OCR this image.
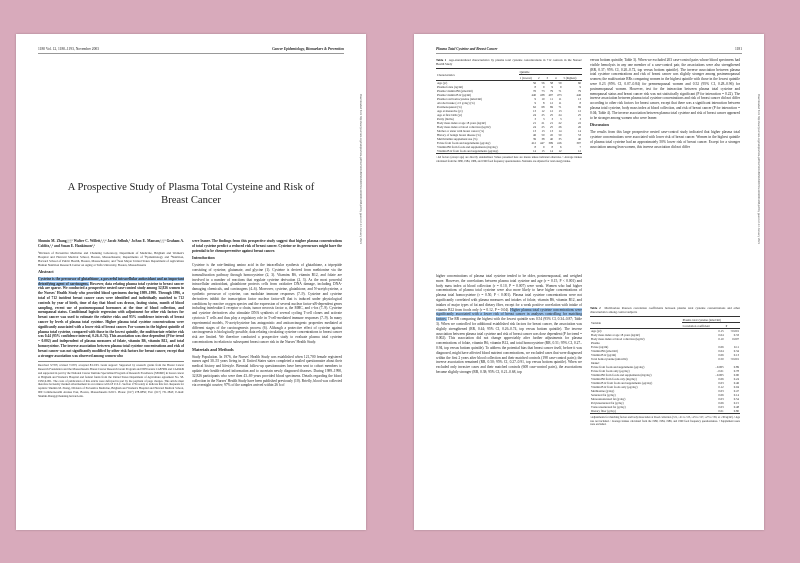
1180 Vol. 12, 1180–1193, November 2003	Cancer Epidemiology, Biomarkers & Prevention
Downloaded from http://aacrjournals.org/cebp/article-pdf/12/11/1188/3183067/ce1103001188.pdf by guest on 14 January 2021
A Prospective Study of Plasma Total Cysteine and Risk of Breast Cancer
Shumin M. Zhang,¹,²,³ Walter C. Willett,¹,²,⁴ Jacob Selhub,⁵ JoAnn E. Manson,¹,²,³ Graham A. Colditz,¹,² and Susan E. Hankinson¹,²
¹Division of Preventive Medicine and Channing Laboratory, Department of Medicine, Brigham and Women's Hospital and Harvard Medical School, Boston, Massachusetts; Departments of ²Epidemiology and ⁴Nutrition, Harvard School of Public Health, Boston, Massachusetts; and ⁵Jean Mayer United States Department of Agriculture Human Nutrition Research Center on Aging at Tufts University, Boston, Massachusetts
Abstract
Cysteine is the precursor of glutathione, a powerful intracellular antioxidant and an important detoxifying agent of carcinogens. However, data relating plasma total cysteine to breast cancer risk are sparse. We conducted a prospective nested case-control study among 32,826 women in the Nurses' Health Study who provided blood specimens during 1989–1990. Through 1996, a total of 712 incident breast cancer cases were identified and individually matched to 712 controls by year of birth, time of day that blood was drawn, fasting status, month of blood sampling, recent use of postmenopausal hormones at the time of blood collection, and menopausal status. Conditional logistic regression with adjustment for other risk factors for breast cancer was used to estimate the relative risks and 95% confidence intervals of breast cancer by levels of plasma total cysteine. Higher plasma total cysteine concentrations were significantly associated with a lower risk of breast cancer. For women in the highest quintile of plasma total cysteine, compared with those in the lowest quintile, the multivariate relative risk was 0.44 (95% confidence interval, 0.26–0.74). This association was dose dependent (P for trend = 0.002) and independent of plasma measures of folate, vitamin B6, vitamin B12, and total homocysteine. The inverse association between plasma total cysteine concentrations and risk of breast cancer was not significantly modified by other risk factors for breast cancer, except that a stronger association was observed among women who
Received 3/7/03; revised 7/2/03; accepted 8/12/03. Grant support: Supported by research grants from the Breast Cancer Research Foundation and the Massachusetts Breast Cancer Research Grant Program and NIH Grants CA87969 and CA49449 and supported in part by the National Cancer Institute Specialized Program of Research Excellence (SPORE) in breast cancer at Brigham and Women's Hospital and federal funds from the United States Department of Agriculture agreement No. 58-1950-9-001. The costs of publication of this article were defrayed in part by the payment of page charges. This article must therefore be hereby marked advertisement in accordance with 18 U.S.C. Section 1734 solely to indicate this fact. Requests for reprints: Shumin M. Zhang, Division of Preventive Medicine, Brigham and Women's Hospital and Harvard Medical School, 900 Commonwealth Avenue East, Boston, Massachusetts 02215. Phone: (617) 278-0856; Fax: (617) 731-3843; E-mail: Shumin.Zhang@channing.harvard.edu.
were leaner. The findings from this prospective study suggest that higher plasma concentrations of total cysteine predict a reduced risk of breast cancer. Cysteine or its precursors might have the potential to be chemopreventive against breast cancer.
Introduction
Cysteine is the rate-limiting amino acid in the intracellular synthesis of glutathione, a tripeptide consisting of cysteine, glutamate, and glycine (1). Cysteine is derived from methionine via the transsulfuration pathway through homocysteine (2, 3). Vitamins B6, vitamin B12, and folate are involved in a number of reactions that regulate cysteine derivation (2, 3). As the most powerful intracellular antioxidant, glutathione protects cells from oxidative DNA damage, including DNA-damaging chemicals, and carcinogens (4–6). Moreover, cysteine, glutathione, and N-acetylcysteine, a synthetic precursor of cysteine, can modulate immune responses (7–9). Cysteine and cysteine derivatives inhibit the transcription factor nuclear factor-κB that is induced under physiological conditions by reactive oxygen species and the expression of several nuclear factor-κB-dependent genes including interleukin-2 receptor α chain, tumor necrosis factor α, the MHC, and c-fos (7–9). Cysteine and cysteine derivatives also stimulate DNA synthesis of several cycling T-cell clones and activate cytotoxic T cells and thus play a regulatory role in T-cell-mediated immune responses (7–9). In many experimental models, N-acetylcysteine has antagonistic and anticarcinogenic properties mediated at different stages of the carcinogenesis process (6). Although a protective effect of cysteine against carcinogenesis is biologically possible, data relating circulating cysteine concentrations to breast cancer risk are limited. We therefore conducted a prospective study to evaluate plasma total cysteine concentrations in relation to subsequent breast cancer risk in the Nurses' Health Study.
Materials and Methods
Study Population. In 1976, the Nurses' Health Study was established when 121,700 female registered nurses aged 30–55 years living in 11 United States states completed a mailed questionnaire about their medical history and lifestyle. Biennial follow-up questionnaires have been sent to cohort members to update their health-related information and to ascertain newly diagnosed diseases. During 1989–1990, 32,826 participants who were then 43–69 years provided blood specimens. Details regarding the blood collection in the Nurses' Health Study have been published previously (10). Briefly, blood was collected via overnight courier; 97% of the samples arrived within 26 h of
Plasma Total Cysteine and Breast Cancer	1181
Downloaded from http://aacrjournals.org/cebp/article-pdf/12/11/1188/3183067/ce1103001188.pdf by guest on 14 January 2021
Table 1 Age-standardized characteristics by plasma total cysteine concentrations in 712 controls in the Nurses' Health Study
Characteristics	Quintile				
	1 (lowest)	2	3	4	5 (highest)
Age (yr)	56	56	58	59	60
Plasma folate (ng/ml)	8	9	9	9	9
Plasma vitamin B6 (pmol/ml)	76	73	79	71	79
Plasma vitamin B12 (pg/ml)	440	438	497	473	446
Plasma total homocysteine (nmol/ml)	9	10	11	11	13
Alcohol intake (≥15 g/day) (%)	9	8	12	11	8
Postmenopausal (%)	62	68	69	71	69
Age at menarche (yr)	13	12	12	13	12
Age at first birth (yr)	24	25	25	24	25
Parity (births)	3	3	3	3	3
Body mass index at age 18 years (kg/m²)	21	21	21	22	22
Body mass index at blood collection (kg/m²)	24	25	25	26	26
Mother or sister with breast cancer (%)	13	13	13	14	14
History of benign breast disease (%)	46	50	45	50	53
Multivitamin supplement use (%)	39	38	40	35	40
Folate from foods and supplements (μg/day)	412	447	399	416	397
Vitamin B6 from foods and supplements (mg/day)	8	9	8	6	7
Vitamin B12 from foods and supplements (μg/day)	14	15	14	12	12
ᵃ All factors (except age) are directly standardized. Values presented here are means unless indicated otherwise. ᵇ Average intakes calculated from the 1980, 1984, 1986, and 1990 food frequency questionnaires. Nutrients are adjusted for total energy intake.
higher concentrations of plasma total cysteine tended to be older, postmenopausal, and weighed more. However, the correlations between plasma total cysteine and age (r = 0.15, P < 0.001) and body mass index at blood collection (r = 0.10, P = 0.007) were weak. Women who had higher concentrations of plasma total cysteine were also more likely to have higher concentrations of plasma total homocysteine (r = 0.50, P < 0.001). Plasma total cysteine concentrations were not significantly correlated with plasma measures and intakes of folate, vitamin B6, vitamin B12, and intakes of major types of fat and dietary fiber, except for a weak positive correlation with intake of vitamin B12 from foods only (r = 0.12, P = 0.04). Higher plasma total cysteine concentrations were significantly associated with a lower risk of breast cancer in analyses controlling for matching factors. The RR comparing the highest with the lowest quintile was 0.54 (95% CI, 0.34–0.87; Table 3). When we controlled for additional established risk factors for breast cancer, the association was slightly strengthened (RR, 0.44; 95% CI, 0.26–0.74, top versus bottom quintile). The inverse association between plasma total cysteine and risk of breast cancer was dose dependent (P for trend = 0.002). This association did not change appreciably after further adjustments for plasma concentrations of folate, vitamin B6, vitamin B12, and total homocysteine (RR, 0.51; 95% CI, 0.27–0.94, top versus bottom quintile). To address the potential bias that breast cancer itself, before it was diagnosed, might have affected blood nutrient concentrations, we excluded cases that were diagnosed within the first 2 years after blood collection and their matched controls (198 case-control pairs); the inverse association remained (RR, 0.50; 95% CI, 0.27–0.91, top versus bottom quintile). When we excluded only invasive cases and their matched controls (608 case-control pairs), the associations became slightly stronger (RR, 0.38; 95% CI, 0.21–0.68, top
versus bottom quintile; Table 3). When we excluded 203 case-control pairs whose blood specimens had visible hemolysis in any one member of a case-control pair, the associations were also strengthened (RR, 0.37; 95% CI, 0.20–0.72, top versus bottom quintile). The inverse association between plasma total cysteine concentrations and risk of breast cancer was slightly stronger among postmenopausal women; the multivariate RRs comparing women in the highest quintile with those in the lowest quintile were 0.23 (95% CI, 0.07–0.84) for premenopausal women and 0.52 (95% CI, 0.28–0.96) for postmenopausal women. However, test for the interaction between plasma total cysteine and menopausal status and breast cancer risk was not statistically significant (P for interaction = 0.22). The inverse association between plasma total cysteine concentrations and risk of breast cancer did not differ according to other risk factors for breast cancer, except that there was a significant interaction between plasma total cysteine, body mass index at blood collection, and risk of breast cancer (P for interaction = 0.04; Table 4). The inverse association between plasma total cysteine and risk of breast cancer appeared to be stronger among women who were leaner.
Discussion
The results from this large prospective nested case-control study indicated that higher plasma total cysteine concentrations were associated with lower risk of breast cancer. Women in the highest quintile of plasma total cysteine had an approximately 50% lower risk of breast cancer. Except for a stronger association among lean women, this inverse association did not differ
Table 2 Multivariate Pearson correlation coefficients between plasma total cysteine concentrations and other characteristics among control subjects
Variable	Plasma total cysteine (nmol/ml)	
	Correlation coefficient	P
Age (yr)ᵃ	0.15	<0.001
Body mass index at age 18 years (kg/m²)	0.04	0.33
Body mass index at blood collection (kg/m²)	0.10	0.007
Plasma		
Folate (ng/ml)	0.06	0.11
Vitamin B6 (pmol/ml)	0.04	0.34
Vitamin B12 (pg/ml)	0.06	0.13
Total homocysteine (nmol/ml)	0.50	<0.001
Intakeᵇ		
Folate from foods and supplements (μg/day)	−0.005	0.89
Folate from foods only (μg/day)	−0.01	0.78
Vitamin B6 from foods and supplements (mg/day)	−0.005	0.90
Vitamin B6 from foods only (mg/day)	0.06	0.24
Vitamin B12 from foods and supplements (μg/day)	0.03	0.46
Vitamin B12 from foods only (μg/day)	0.12	0.04
Methionine (g/day)	0.03	0.47
Saturated fat (g/day)	0.06	0.14
Monounsaturated fat (g/day)	0.03	0.54
Polyunsaturated fat (g/day)	0.06	0.15
Trans unsaturated fat (g/day)	0.03	0.48
Dietary fiber (g/day)	0.01	0.80
ᵃ Adjustments for matching factors and body mass index at blood collection (<21, ≥21 to <25, ≥25 to <27, ≥27 to <30, or ≥30 kg/m²). ᵇ Age was not included. ᶜ Average intakes calculated from the 1980, 1984, 1986, and 1990 food frequency questionnaires. ᵈ Supplement users were excluded.
